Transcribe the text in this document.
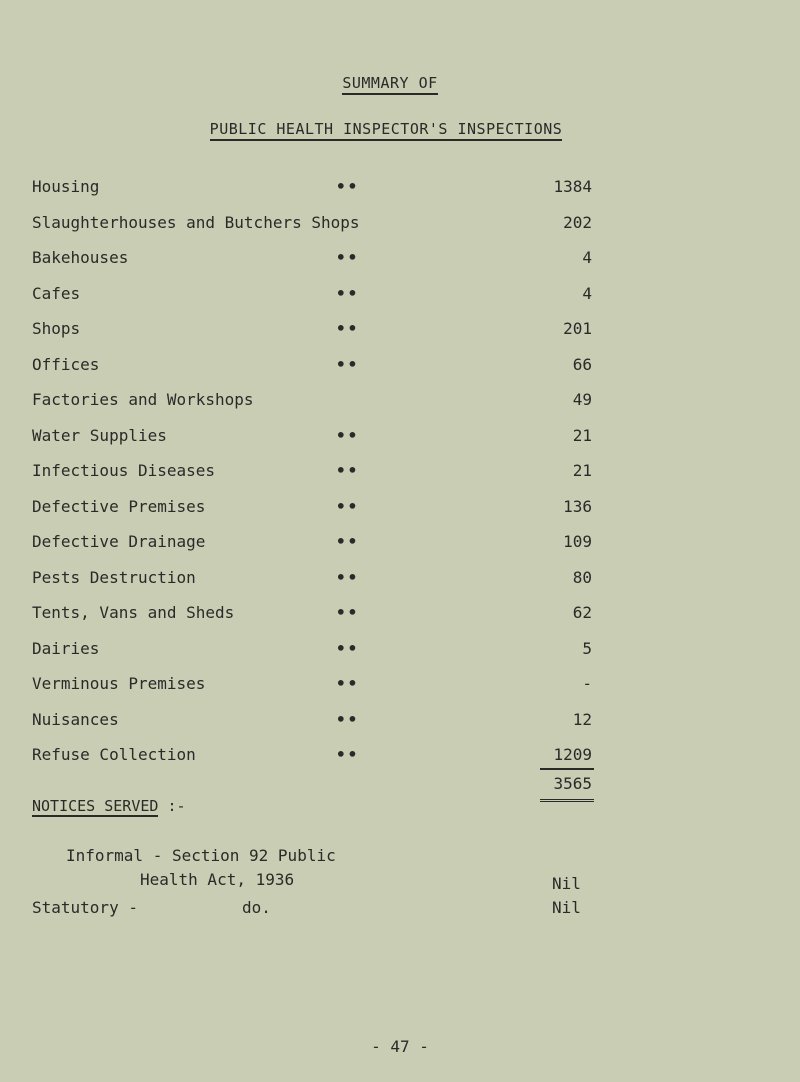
SUMMARY OF
PUBLIC HEALTH INSPECTOR'S INSPECTIONS
Housing	••	1384
Slaughterhouses and Butchers Shops	202
Bakehouses	••	4
Cafes	••	4
Shops	••	201
Offices	••	66
Factories and Workshops	49
Water Supplies	••	21
Infectious Diseases	••	21
Defective Premises	••	136
Defective Drainage	••	109
Pests Destruction	••	80
Tents, Vans and Sheds	••	62
Dairies	••	5
Verminous Premises	••	-
Nuisances	••	12
Refuse Collection	••	1209
3565
NOTICES SERVED :-
Informal - Section 92 Public
Health Act, 1936	Nil
Statutory -	do.	Nil
- 47 -
